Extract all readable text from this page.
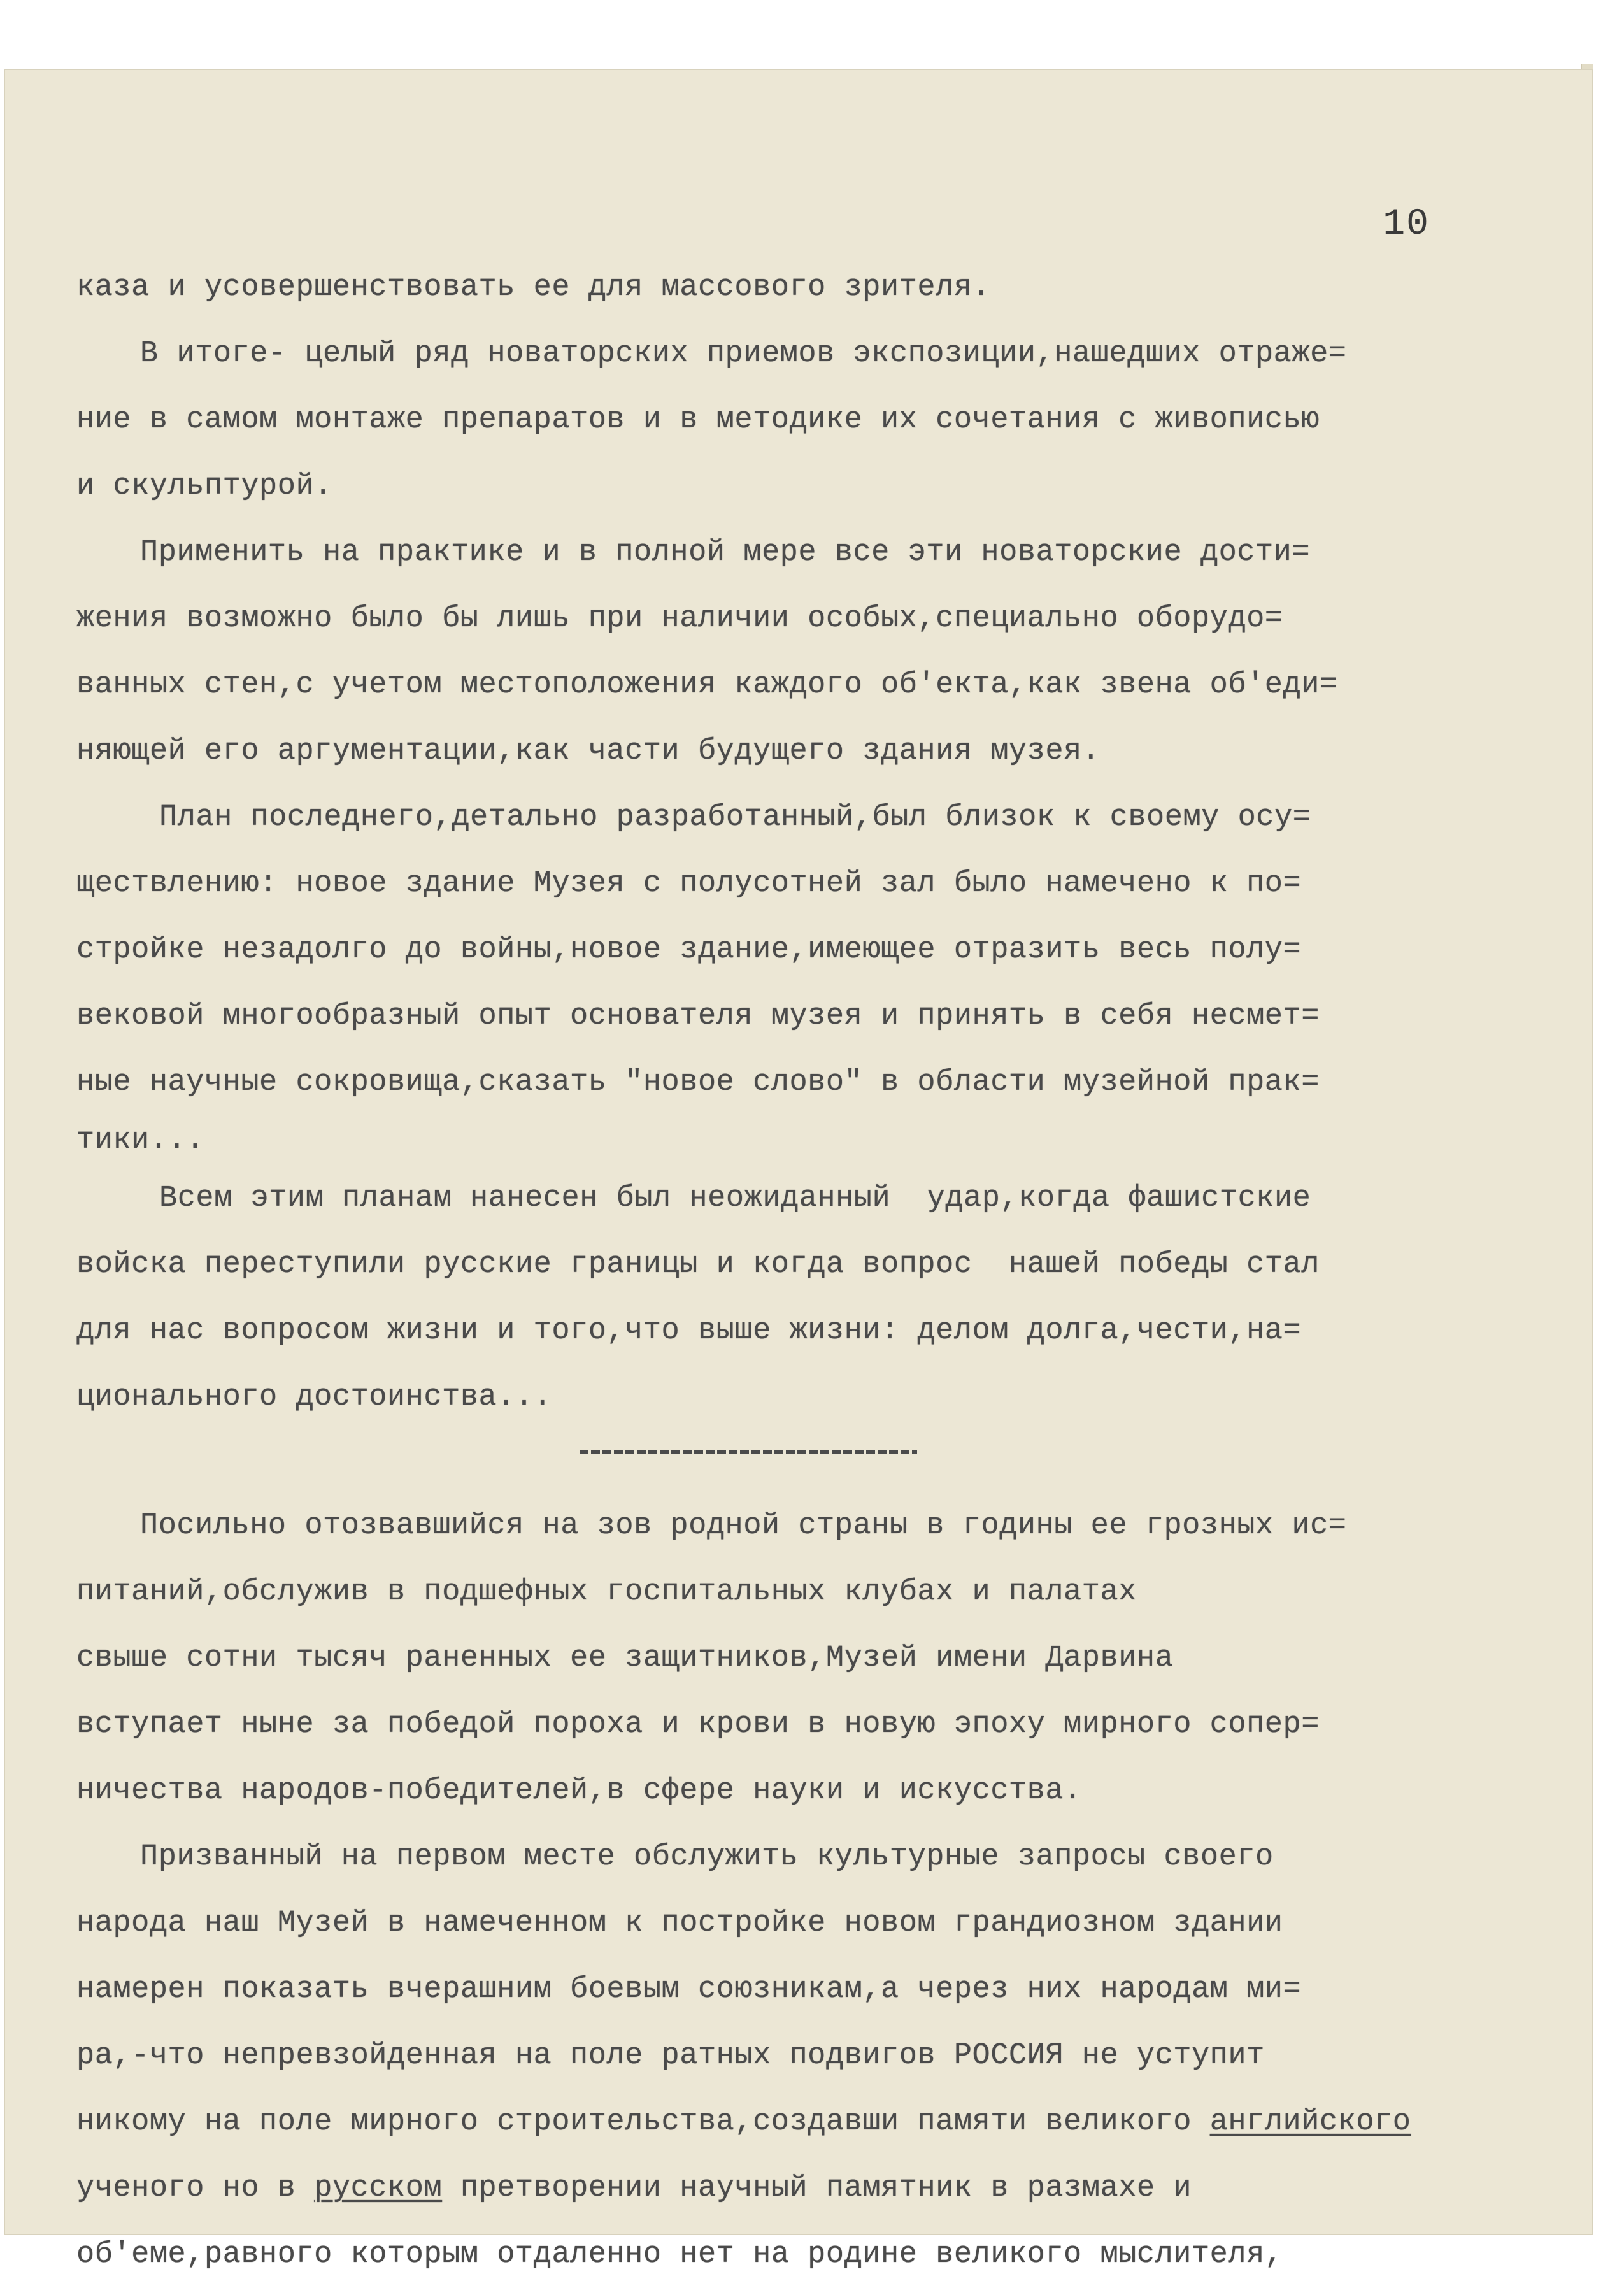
10
каза и усовершенствовать ее для массового зрителя.
В итоге- целый ряд новаторских приемов экспозиции,нашедших отраже=
ние в самом монтаже препаратов и в методике их сочетания с живописью
и скульптурой.
Применить на практике и в полной мере все эти новаторские дости=
жения возможно было бы лишь при наличии особых,специально оборудо=
ванных стен,с учетом местоположения каждого об'екта,как звена об'еди=
няющей его аргументации,как части будущего здания музея.
План последнего,детально разработанный,был близок к своему осу=
ществлению: новое здание Музея с полусотней зал было намечено к по=
стройке незадолго до войны,новое здание,имеющее отразить весь полу=
вековой многообразный опыт основателя музея и принять в себя несмет=
ные научные сокровища,сказать "новое слово" в области музейной прак=
тики...
Всем этим планам нанесен был неожиданный  удар,когда фашистские
войска переступили русские границы и когда вопрос  нашей победы стал
для нас вопросом жизни и того,что выше жизни: делом долга,чести,на=
ционального достоинства...
Посильно отозвавшийся на зов родной страны в годины ее грозных ис=
питаний,обслужив в подшефных госпитальных клубах и палатах
свыше сотни тысяч раненных ее защитников,Музей имени Дарвина
вступает ныне за победой пороха и крови в новую эпоху мирного сопер=
ничества народов-победителей,в сфере науки и искусства.
Призванный на первом месте обслужить культурные запросы своего
народа наш Музей в намеченном к постройке новом грандиозном здании
намерен показать вчерашним боевым союзникам,а через них народам ми=
ра,-что непревзойденная на поле ратных подвигов РОССИЯ не уступит
никому на поле мирного строительства,создавши памяти великого английского
ученого но в русском претворении научный памятник в размахе и
об'еме,равного которым отдаленно нет на родине великого мыслителя,
